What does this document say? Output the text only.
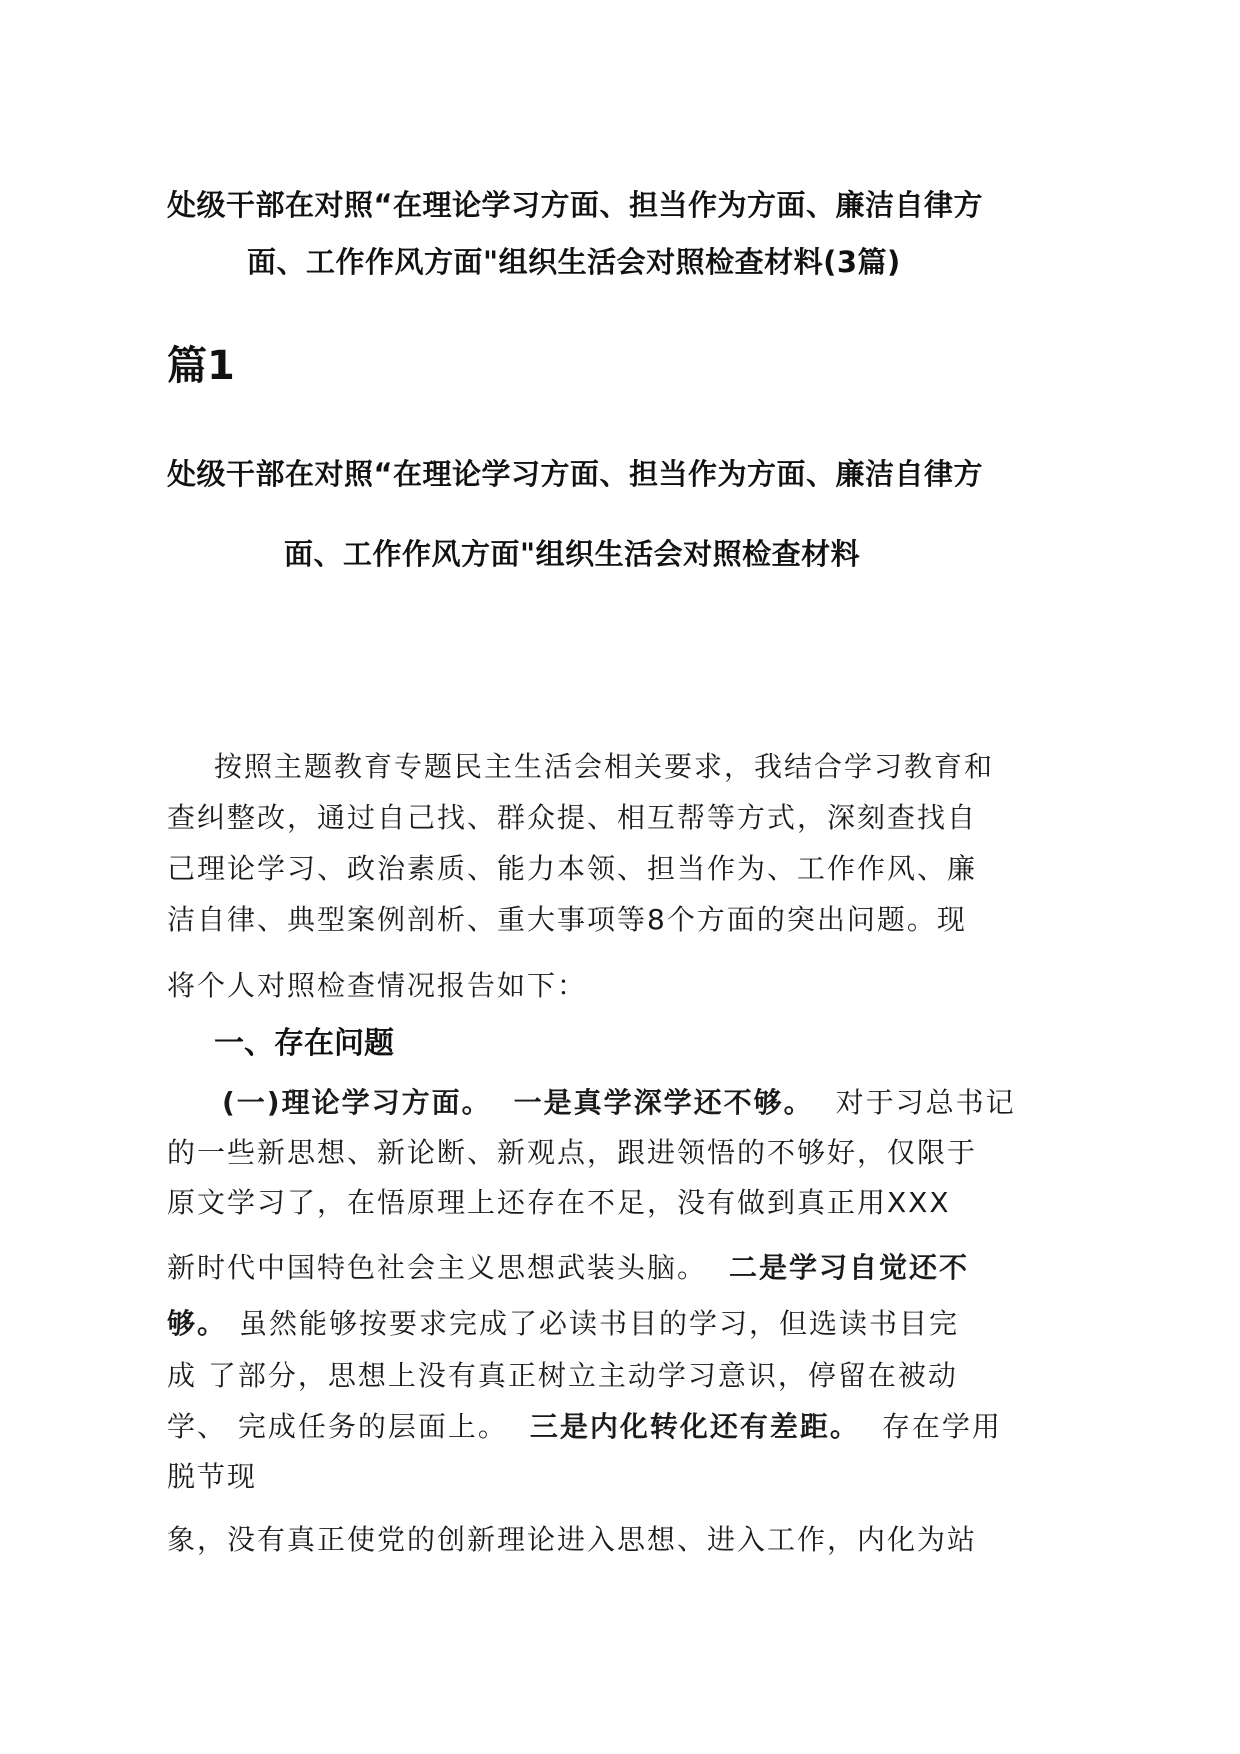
处级干部在对照“在理论学习方面、担当作为方面、廉洁自律方
面、工作作风方面"组织生活会对照检查材料(3篇)
篇1
处级干部在对照“在理论学习方面、担当作为方面、廉洁自律方
面、工作作风方面"组织生活会对照检查材料
按照主题教育专题民主生活会相关要求，我结合学习教育和
查纠整改，通过自己找、群众提、相互帮等方式，深刻查找自
己理论学习、政治素质、能力本领、担当作为、工作作风、廉
洁自律、典型案例剖析、重大事项等8个方面的突出问题。现
将个人对照检查情况报告如下：
一、存在问题
(一)理论学习方面。 一是真学深学还不够。 对于习总书记
的一些新思想、新论断、新观点，跟进领悟的不够好，仅限于
原文学习了，在悟原理上还存在不足，没有做到真正用XXX
新时代中国特色社会主义思想武装头脑。 二是学习自觉还不
够。 虽然能够按要求完成了必读书目的学习，但选读书目完
成 了部分，思想上没有真正树立主动学习意识，停留在被动
学、 完成任务的层面上。 三是内化转化还有差距。 存在学用
脱节现
象，没有真正使党的创新理论进入思想、进入工作，内化为站
